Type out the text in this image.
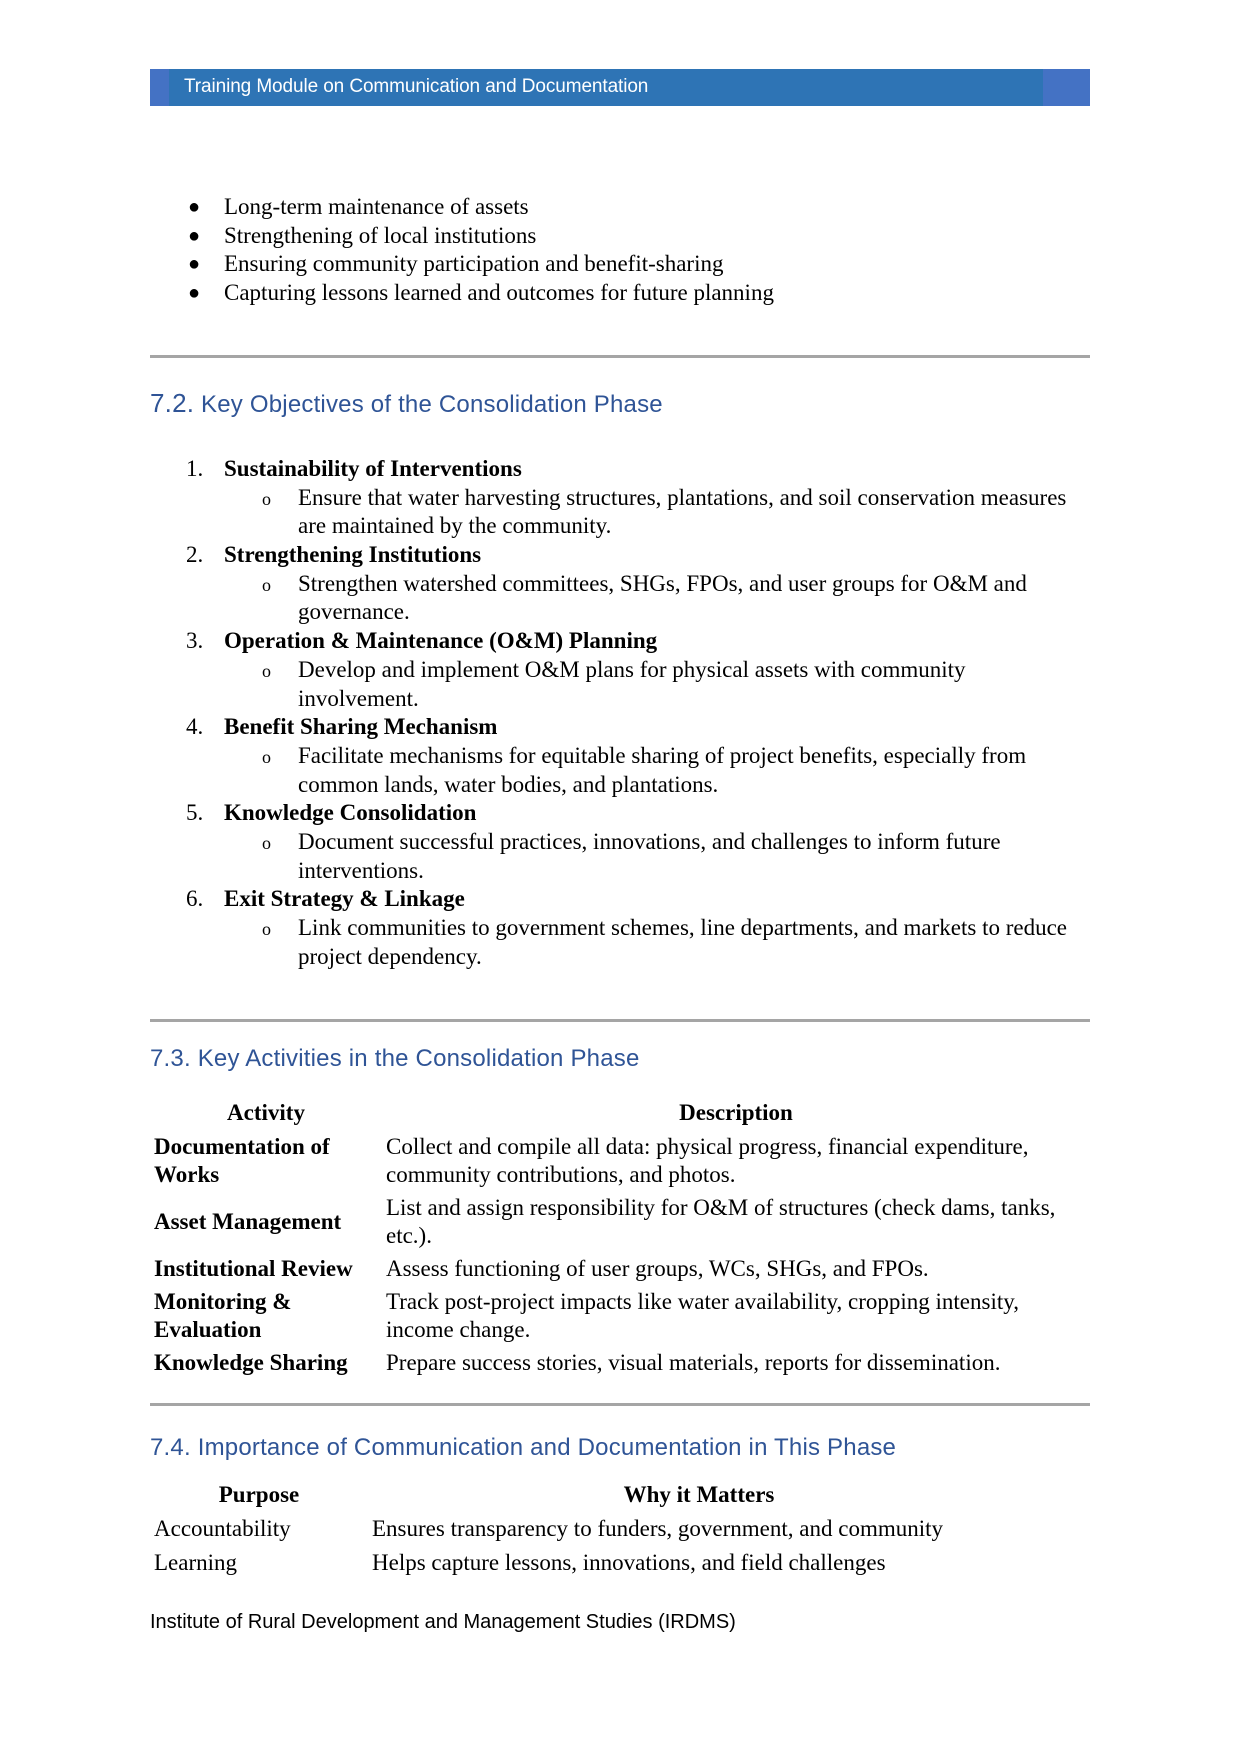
Training Module on Communication and Documentation
● Long-term maintenance of assets
● Strengthening of local institutions
● Ensuring community participation and benefit-sharing
● Capturing lessons learned and outcomes for future planning
7.2. Key Objectives of the Consolidation Phase
1. Sustainability of Interventions
o Ensure that water harvesting structures, plantations, and soil conservation measures are maintained by the community.
2. Strengthening Institutions
o Strengthen watershed committees, SHGs, FPOs, and user groups for O&M and governance.
3. Operation & Maintenance (O&M) Planning
o Develop and implement O&M plans for physical assets with community involvement.
4. Benefit Sharing Mechanism
o Facilitate mechanisms for equitable sharing of project benefits, especially from common lands, water bodies, and plantations.
5. Knowledge Consolidation
o Document successful practices, innovations, and challenges to inform future interventions.
6. Exit Strategy & Linkage
o Link communities to government schemes, line departments, and markets to reduce project dependency.
7.3. Key Activities in the Consolidation Phase
Activity	Description
Documentation of Works	Collect and compile all data: physical progress, financial expenditure, community contributions, and photos.
Asset Management	List and assign responsibility for O&M of structures (check dams, tanks, etc.).
Institutional Review	Assess functioning of user groups, WCs, SHGs, and FPOs.
Monitoring & Evaluation	Track post-project impacts like water availability, cropping intensity, income change.
Knowledge Sharing	Prepare success stories, visual materials, reports for dissemination.
7.4. Importance of Communication and Documentation in This Phase
Purpose	Why it Matters
Accountability	Ensures transparency to funders, government, and community
Learning	Helps capture lessons, innovations, and field challenges
Institute of Rural Development and Management Studies (IRDMS)
